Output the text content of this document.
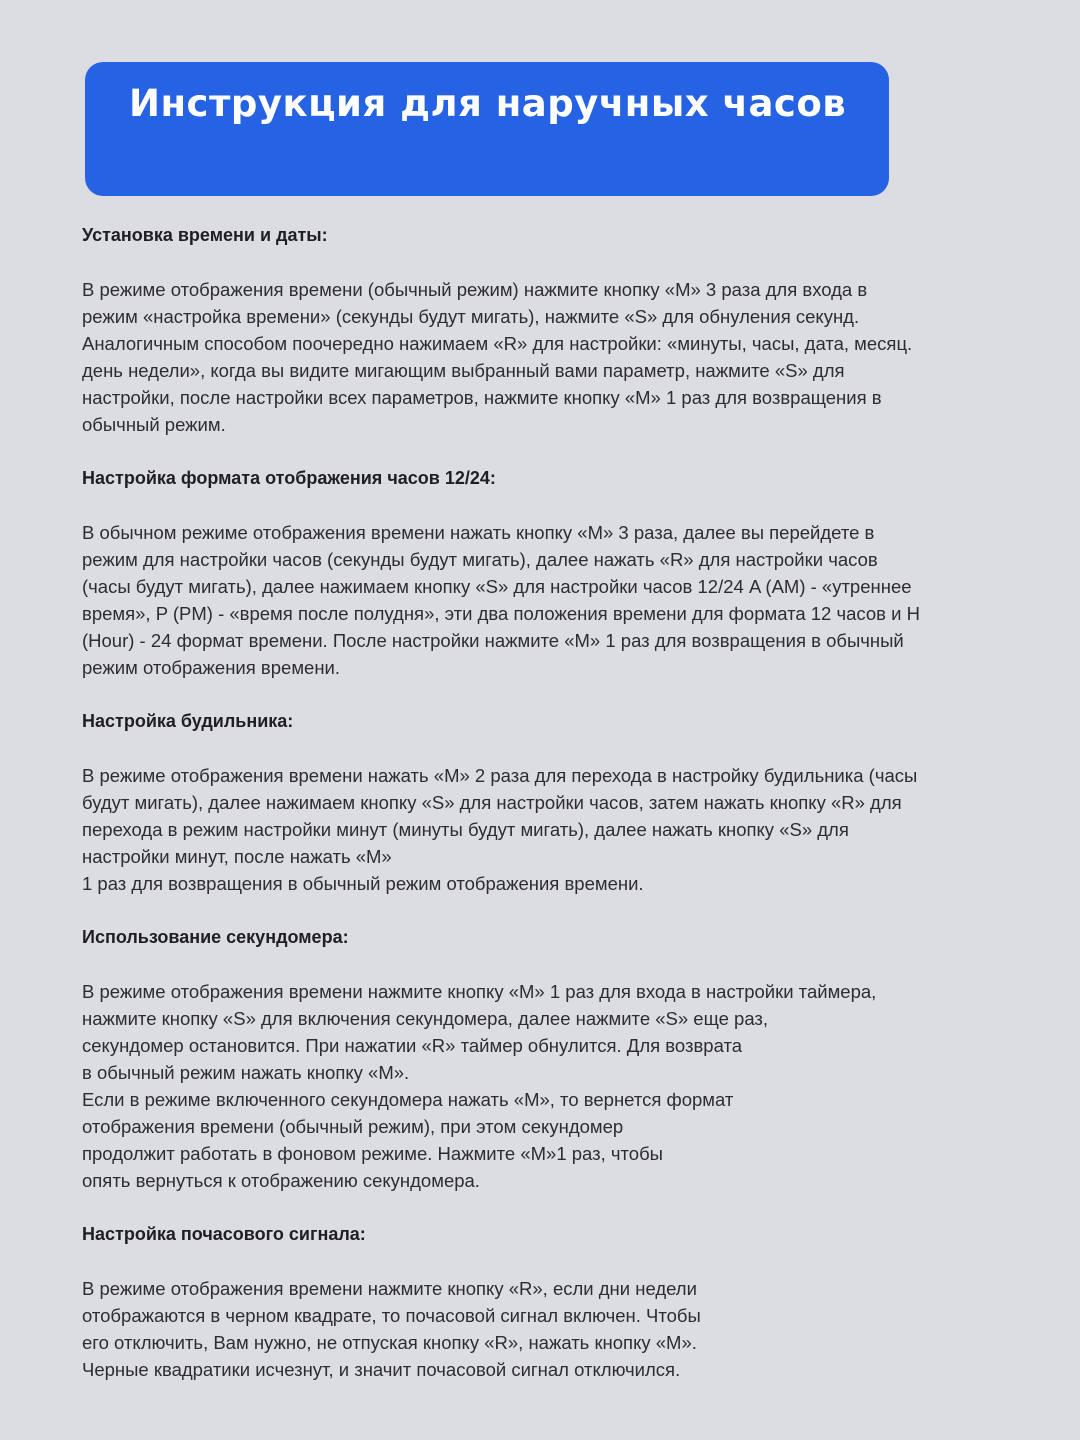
Инструкция для наручных часов
Установка времени и даты:

В режиме отображения времени (обычный режим) нажмите кнопку «M» 3 раза для входа в
режим «настройка времени» (секунды будут мигать), нажмите «S» для обнуления секунд.
Аналогичным способом поочередно нажимаем «R» для настройки: «минуты, часы, дата, месяц.
день недели», когда вы видите мигающим выбранный вами параметр, нажмите «S» для
настройки, после настройки всех параметров, нажмите кнопку «M» 1 раз для возвращения в
обычный режим.

Настройка формата отображения часов 12/24:

В обычном режиме отображения времени нажать кнопку «M» 3 раза, далее вы перейдете в
режим для настройки часов (секунды будут мигать), далее нажать «R» для настройки часов
(часы будут мигать), далее нажимаем кнопку «S» для настройки часов 12/24 A (AM) - «утреннее
время», P (PM) - «время после полудня», эти два положения времени для формата 12 часов и H
(Hour) - 24 формат времени. После настройки нажмите «M» 1 раз для возвращения в обычный
режим отображения времени.

Настройка будильника:

В режиме отображения времени нажать «M» 2 раза для перехода в настройку будильника (часы
будут мигать), далее нажимаем кнопку «S» для настройки часов, затем нажать кнопку «R» для
перехода в режим настройки минут (минуты будут мигать), далее нажать кнопку «S» для
настройки минут, после нажать «M»
1 раз для возвращения в обычный режим отображения времени.

Использование секундомера:

В режиме отображения времени нажмите кнопку «M» 1 раз для входа в настройки таймера,
нажмите кнопку «S» для включения секундомера, далее нажмите «S» еще раз,
секундомер остановится. При нажатии «R» таймер обнулится. Для возврата
в обычный режим нажать кнопку «M».
Если в режиме включенного секундомера нажать «M», то вернется формат
отображения времени (обычный режим), при этом секундомер
продолжит работать в фоновом режиме. Нажмите «M»1 раз, чтобы
опять вернуться к отображению секундомера.

Настройка почасового сигнала:

В режиме отображения времени нажмите кнопку «R», если дни недели
отображаются в черном квадрате, то почасовой сигнал включен. Чтобы
его отключить, Вам нужно, не отпуская кнопку «R», нажать кнопку «M».
Черные квадратики исчезнут, и значит почасовой сигнал отключился.
